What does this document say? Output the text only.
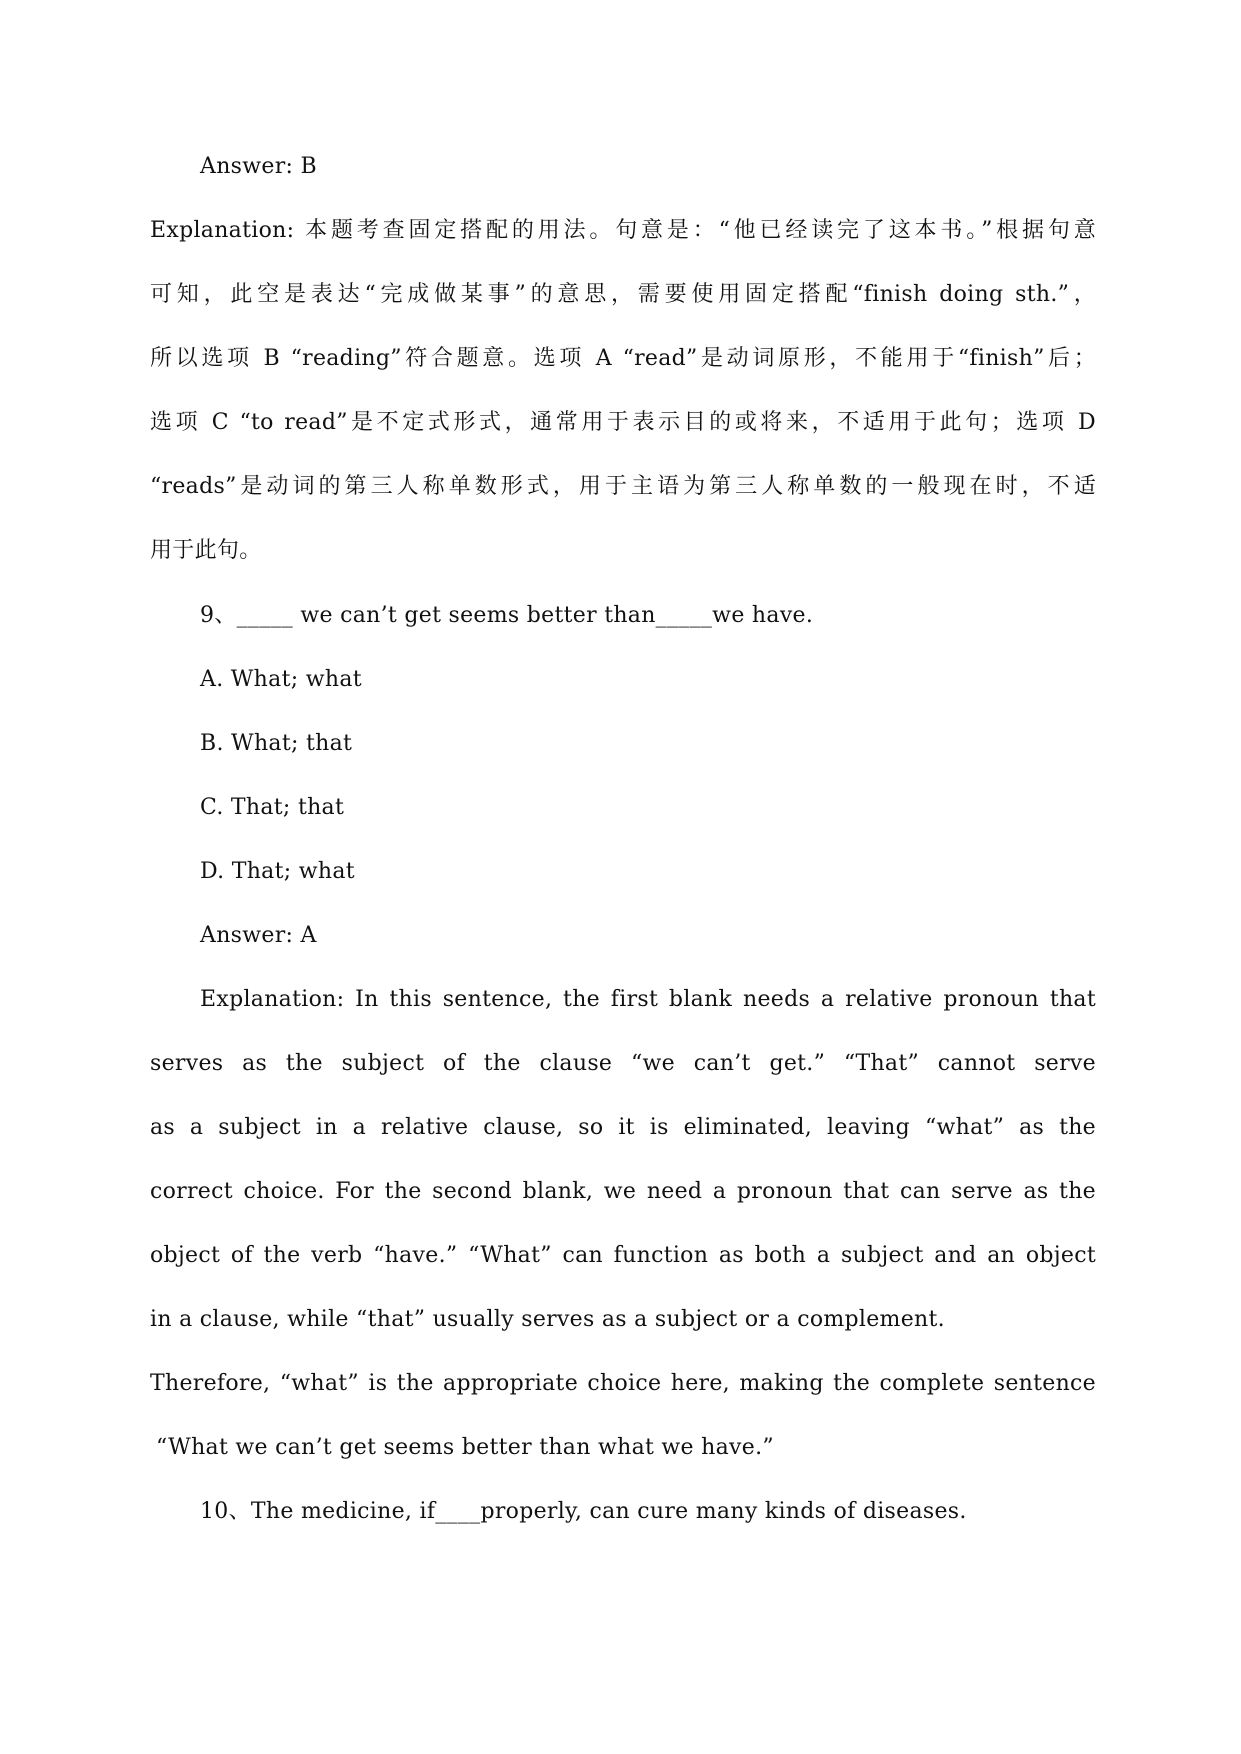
Answer: B
Explanation: 本题考查固定搭配的用法。句意是：“他已经读完了这本书。”根据句意
可知，此空是表达“完成做某事”的意思，需要使用固定搭配“finish doing sth.”，
所以选项 B “reading”符合题意。选项 A “read”是动词原形，不能用于“finish”后；
选项 C “to read”是不定式形式，通常用于表示目的或将来，不适用于此句；选项 D
“reads”是动词的第三人称单数形式，用于主语为第三人称单数的一般现在时，不适
用于此句。
9、_____ we can’t get seems better than_____we have.
A. What; what
B. What; that
C. That; that
D. That; what
Answer: A
Explanation: In this sentence, the first blank needs a relative pronoun that
serves as the subject of the clause “we can’t get.” “That” cannot serve
as a subject in a relative clause, so it is eliminated, leaving “what” as the
correct choice. For the second blank, we need a pronoun that can serve as the
object of the verb “have.” “What” can function as both a subject and an object
in a clause, while “that” usually serves as a subject or a complement.
Therefore, “what” is the appropriate choice here, making the complete sentence
“What we can’t get seems better than what we have.”
10、The medicine, if____properly, can cure many kinds of diseases.
